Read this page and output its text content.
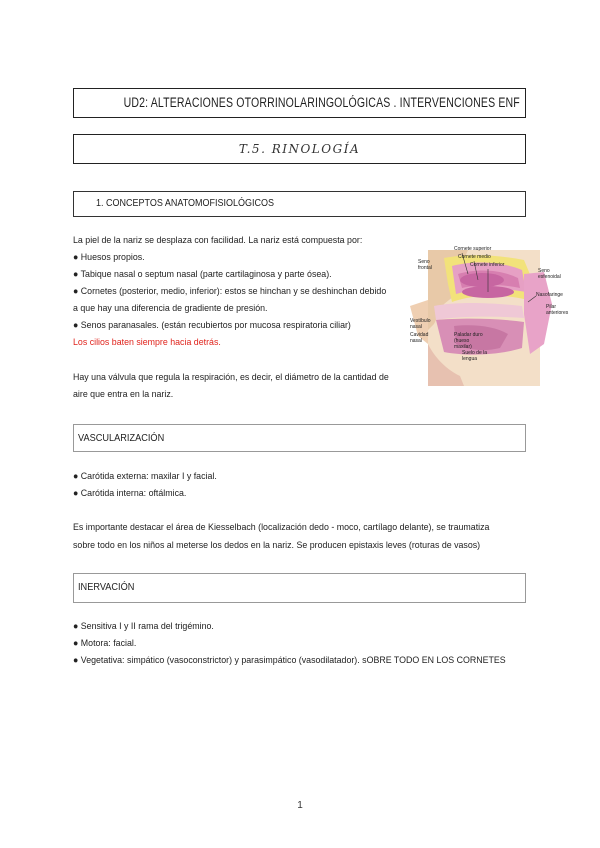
UD2: ALTERACIONES OTORRINOLARINGOLÓGICAS . INTERVENCIONES ENF
T.5. RINOLOGÍA
1. CONCEPTOS ANATOMOFISIOLÓGICOS
La piel de la nariz se desplaza con facilidad. La nariz está compuesta por:
● Huesos propios.
● Tabique nasal o septum nasal (parte cartilaginosa y parte ósea).
● Cornetes (posterior, medio, inferior): estos se hinchan y se deshinchan debido
a que hay una diferencia de gradiente de presión.
● Senos paranasales. (están recubiertos por mucosa respiratoria ciliar)
Los cilios baten siempre hacia detrás.
Hay una válvula que regula la respiración, es decir, el diámetro de la cantidad de
aire que entra en la nariz.
Cornete superior
Cornete medio
Cornete inferior
Seno
frontal	Seno
esfenoidal
Nasofaringe
Pilar
anteriores
Vestíbulo
nasal
Cavidad
nasal
Paladar duro
(hueso
maxilar)
Suelo de la
lengua
VASCULARIZACIÓN
● Carótida externa: maxilar I y facial.
● Carótida interna: oftálmica.
Es importante destacar el área de Kiesselbach (localización dedo - moco, cartílago delante), se traumatiza
sobre todo en los niños al meterse los dedos en la nariz. Se producen epistaxis leves (roturas de vasos)
INERVACIÓN
● Sensitiva I y II rama del trigémino.
● Motora: facial.
● Vegetativa: simpático (vasoconstrictor) y parasimpático (vasodilatador). sOBRE TODO EN LOS CORNETES
1
